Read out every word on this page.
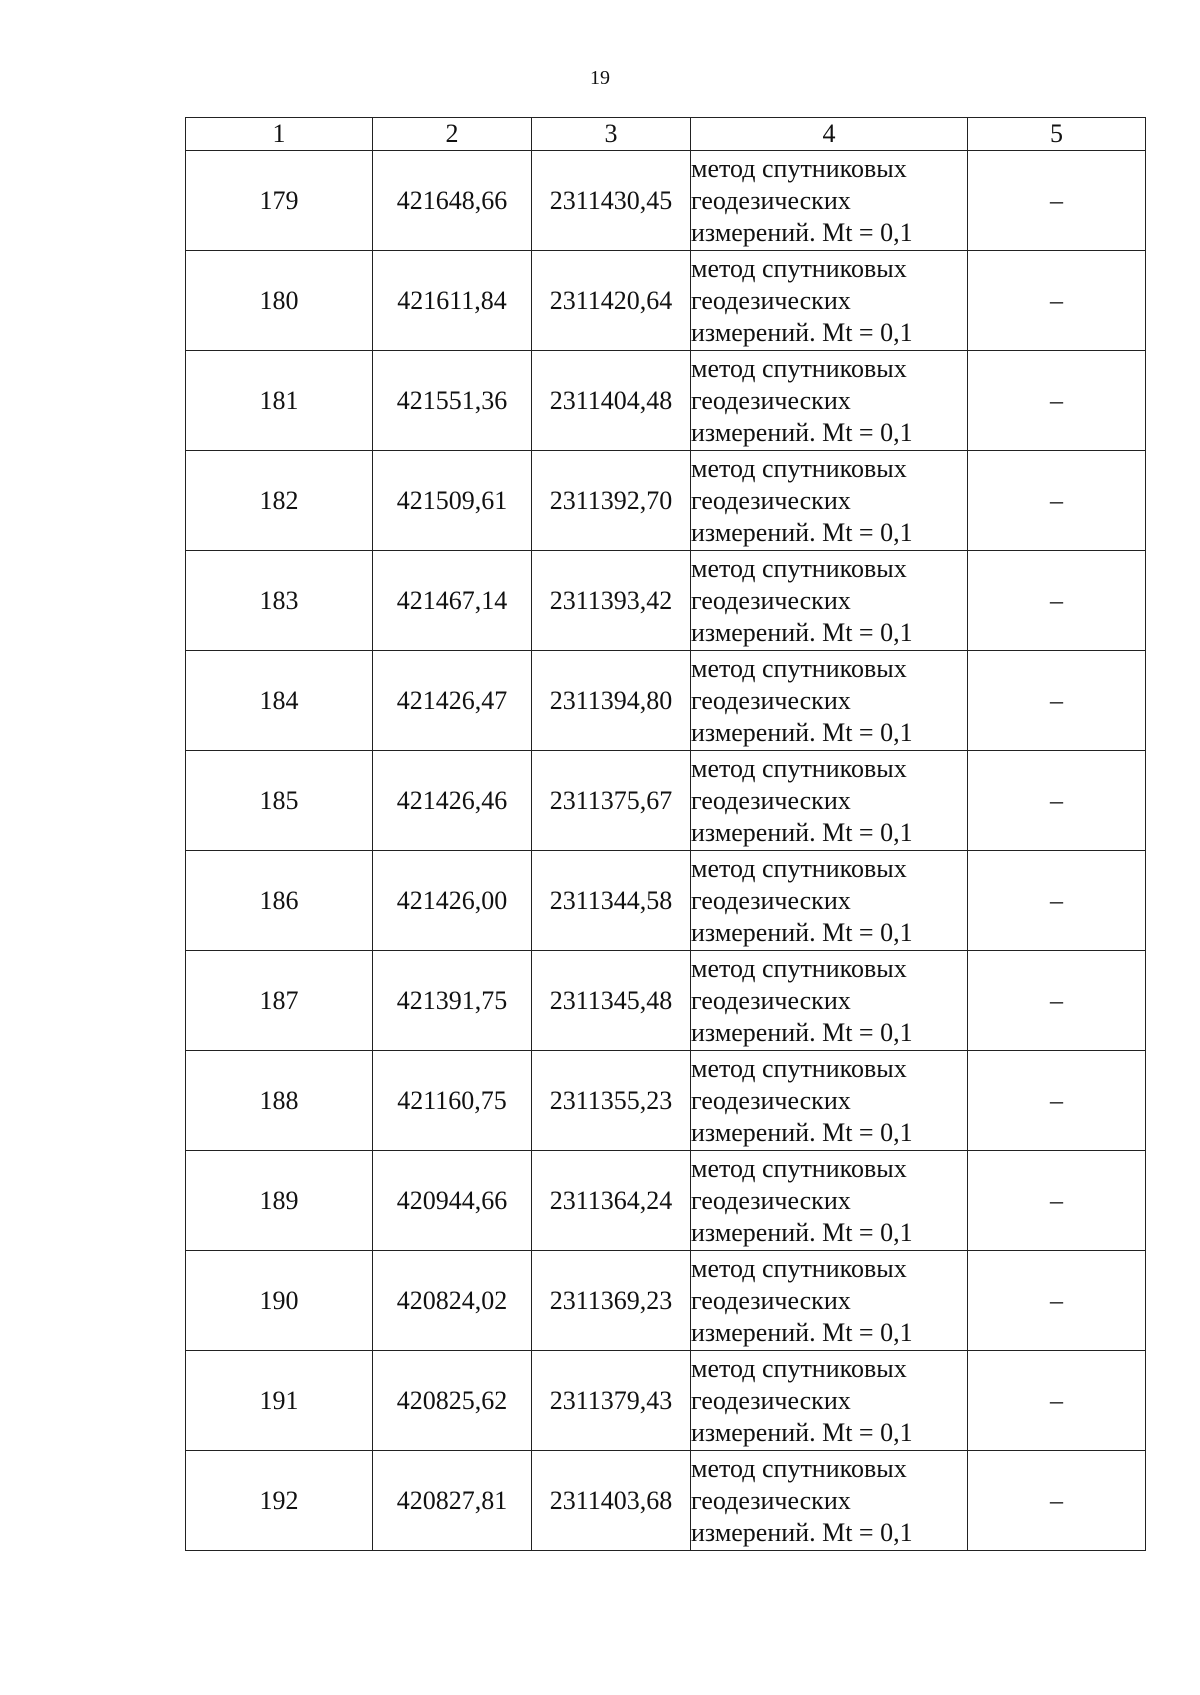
19
1	2	3	4	5
179	421648,66	2311430,45	метод спутниковых
геодезических
измерений. Mt = 0,1	–
180	421611,84	2311420,64	метод спутниковых
геодезических
измерений. Mt = 0,1	–
181	421551,36	2311404,48	метод спутниковых
геодезических
измерений. Mt = 0,1	–
182	421509,61	2311392,70	метод спутниковых
геодезических
измерений. Mt = 0,1	–
183	421467,14	2311393,42	метод спутниковых
геодезических
измерений. Mt = 0,1	–
184	421426,47	2311394,80	метод спутниковых
геодезических
измерений. Mt = 0,1	–
185	421426,46	2311375,67	метод спутниковых
геодезических
измерений. Mt = 0,1	–
186	421426,00	2311344,58	метод спутниковых
геодезических
измерений. Mt = 0,1	–
187	421391,75	2311345,48	метод спутниковых
геодезических
измерений. Mt = 0,1	–
188	421160,75	2311355,23	метод спутниковых
геодезических
измерений. Mt = 0,1	–
189	420944,66	2311364,24	метод спутниковых
геодезических
измерений. Mt = 0,1	–
190	420824,02	2311369,23	метод спутниковых
геодезических
измерений. Mt = 0,1	–
191	420825,62	2311379,43	метод спутниковых
геодезических
измерений. Mt = 0,1	–
192	420827,81	2311403,68	метод спутниковых
геодезических
измерений. Mt = 0,1	–
